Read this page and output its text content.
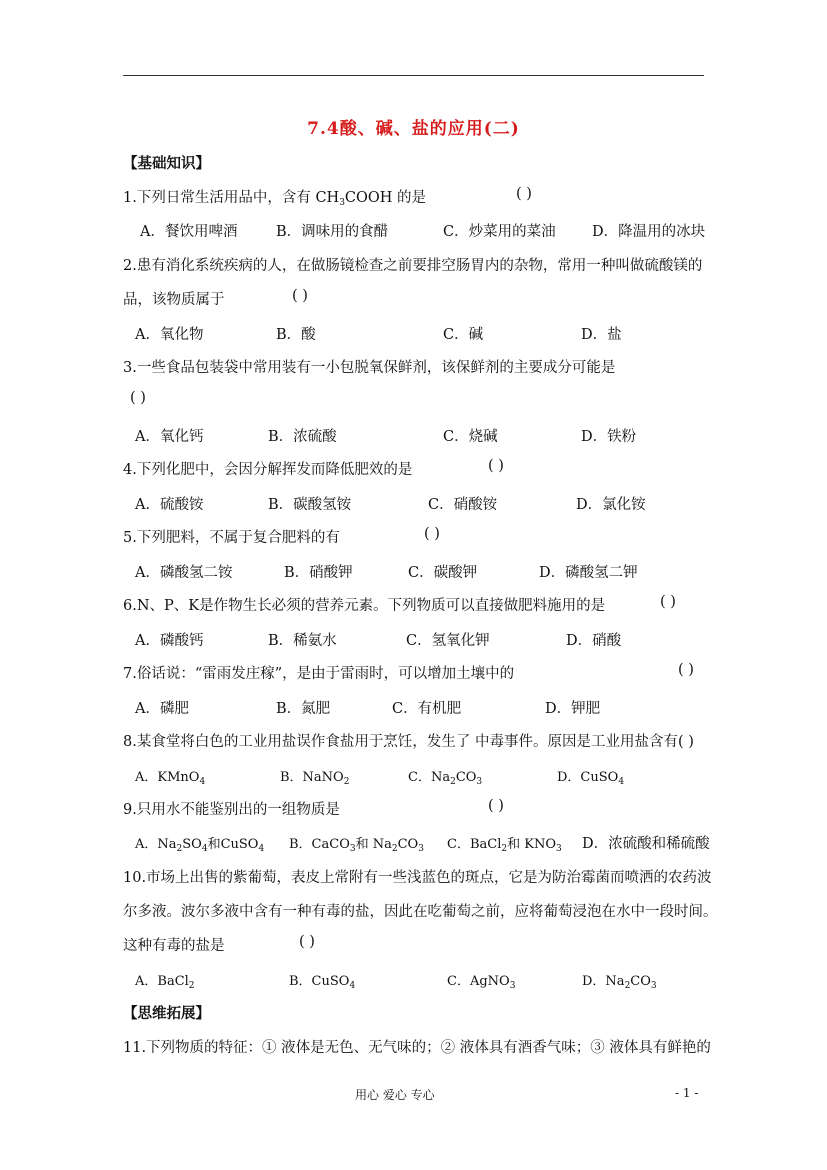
7.4酸、碱、盐的应用(二)
【基础知识】
1.下列日常生活用品中，含有 $CH_3COOH$ 的是	( )
A．餐饮用啤酒	B．调味用的食醋	C．炒菜用的菜油	D．降温用的冰块
2.患有消化系统疾病的人，在做肠镜检查之前要排空肠胃内的杂物，常用一种叫做硫酸镁的
品，该物质属于	( )
A．氧化物	B．酸	C．碱	D．盐
3.一些食品包装袋中常用装有一小包脱氧保鲜剂，该保鲜剂的主要成分可能是
( )
A．氧化钙	B．浓硫酸	C．烧碱	D．铁粉
4.下列化肥中，会因分解挥发而降低肥效的是	( )
A．硫酸铵	B．碳酸氢铵	C．硝酸铵	D．氯化铵
5.下列肥料，不属于复合肥料的有	( )
A．磷酸氢二铵	B．硝酸钾	C．碳酸钾	D．磷酸氢二钾
6.N、P、K是作物生长必须的营养元素。下列物质可以直接做肥料施用的是	( )
A．磷酸钙	B．稀氨水	C．氢氧化钾	D．硝酸
7.俗话说：“雷雨发庄稼”，是由于雷雨时，可以增加土壤中的	( )
A．磷肥	B．氮肥	C．有机肥	D．钾肥
8.某食堂将白色的工业用盐误作食盐用于烹饪，发生了 中毒事件。原因是工业用盐含有( )
A．KMnO$_4$	B．NaNO$_2$	C．$Na_2CO_3$	D．CuSO$_4$
9.只用水不能鉴别出的一组物质是	( )
A．$Na_2SO_4$和CuSO$_4$ B．CaCO$_3$和 $Na_2CO_3$ C．BaCl$_2$和 $KNO_3$ D．浓硫酸和稀硫酸
10.市场上出售的紫葡萄，表皮上常附有一些浅蓝色的斑点，它是为防治霉菌而喷洒的农药波
尔多液。波尔多液中含有一种有毒的盐，因此在吃葡萄之前，应将葡萄浸泡在水中一段时间。
这种有毒的盐是	( )
A．BaCl$_2$	B．CuSO$_4$	C．AgNO$_3$	D．$Na_2CO_3$
【思维拓展】
11.下列物质的特征：① 液体是无色、无气味的；② 液体具有酒香气味；③ 液体具有鲜艳的
用心 爱心 专心	- 1 -
